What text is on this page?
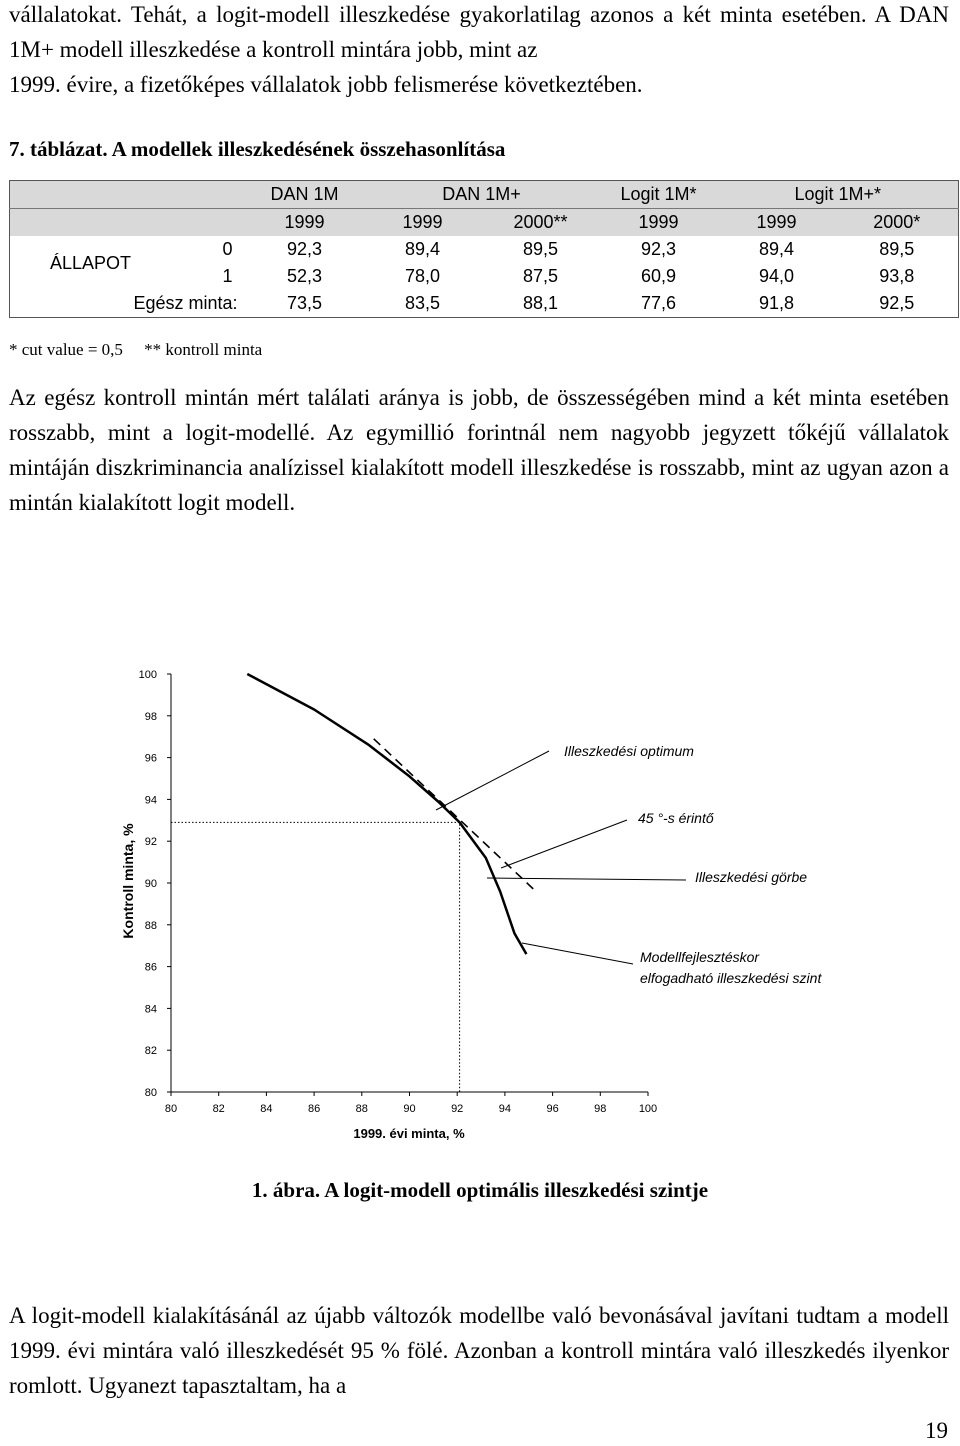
vállalatokat. Tehát, a logit-modell illeszkedése gyakorlatilag azonos a két minta esetében. A DAN 1M+ modell illeszkedése a kontroll mintára jobb, mint az
1999. évire, a fizetőképes vállalatok jobb felismerése következtében.

7. táblázat. A modellek illeszkedésének összehasonlítása
		DAN 1M	DAN 1M+		Logit 1M*	Logit 1M+*	
		1999	1999	2000**	1999	1999	2000*
ÁLLAPOT	0	92,3	89,4	89,5	92,3	89,4	89,5
	1	52,3	78,0	87,5	60,9	94,0	93,8
Egész minta:		73,5	83,5	88,1	77,6	91,8	92,5
* cut value = 0,5     ** kontroll minta

Az egész kontroll mintán mért találati aránya is jobb, de összességében mind a két minta esetében rosszabb, mint a logit-modellé. Az egymillió forintnál nem nagyobb jegyzett tőkéjű vállalatok mintáján diszkriminancia analízissel kialakított modell illeszkedése is rosszabb, mint az ugyan azon a mintán kialakított logit modell.

Kontroll minta, %
1999. évi minta, %
80	82	84	86	88	90	92	94	96	98	100
100
98
96
94
92
90
88
86
84
82
80
Illeszkedési optimum
45 °-s érintő
Illeszkedési görbe
Modellfejlesztéskor
elfogadható illeszkedési szint
1. ábra. A logit-modell optimális illeszkedési szintje

A logit-modell kialakításánál az újabb változók modellbe való bevonásával javítani tudtam a modell 1999. évi mintára való illeszkedését 95 % fölé. Azonban a kontroll mintára való illeszkedés ilyenkor romlott. Ugyanezt tapasztaltam, ha a

19
